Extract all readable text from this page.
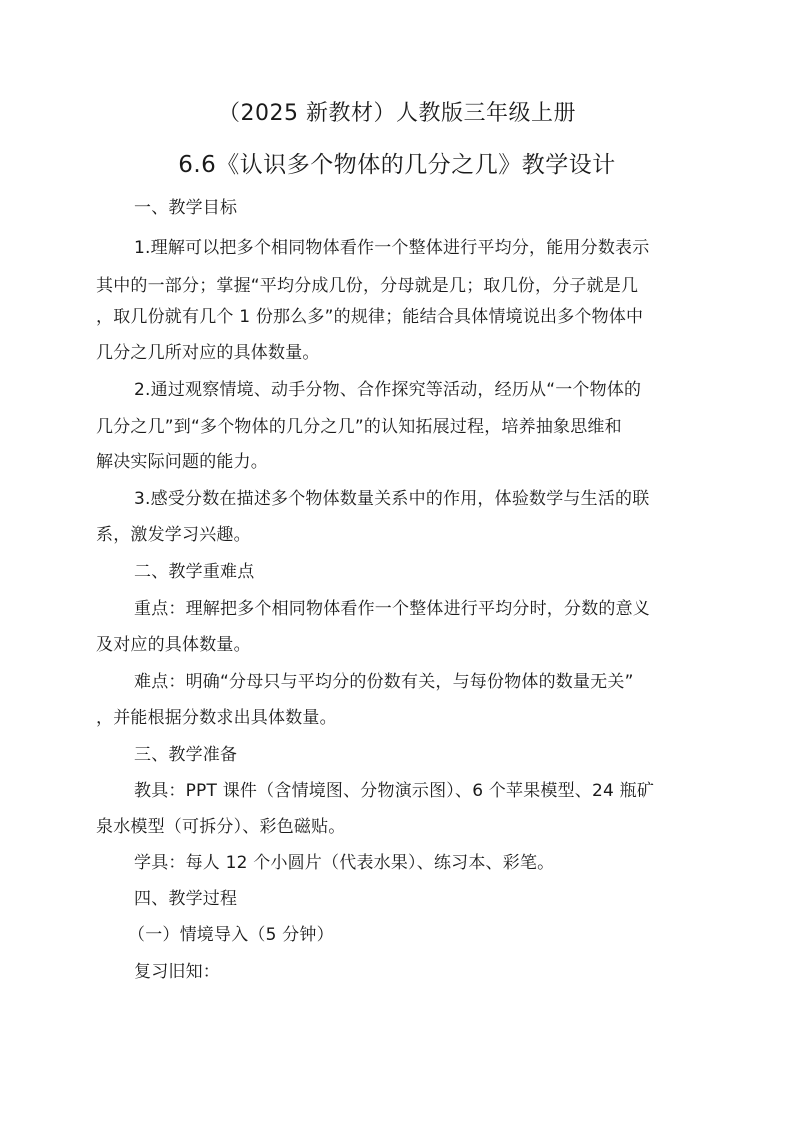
（2025 新教材）人教版三年级上册
6.6《认识多个物体的几分之几》教学设计
一、教学目标
1.理解可以把多个相同物体看作一个整体进行平均分，能用分数表示
其中的一部分；掌握“平均分成几份，分母就是几；取几份，分子就是几
，取几份就有几个 1 份那么多”的规律；能结合具体情境说出多个物体中
几分之几所对应的具体数量。
2.通过观察情境、动手分物、合作探究等活动，经历从“一个物体的
几分之几”到“多个物体的几分之几”的认知拓展过程，培养抽象思维和
解决实际问题的能力。
3.感受分数在描述多个物体数量关系中的作用，体验数学与生活的联
系，激发学习兴趣。
二、教学重难点
重点：理解把多个相同物体看作一个整体进行平均分时，分数的意义
及对应的具体数量。
难点：明确“分母只与平均分的份数有关，与每份物体的数量无关”
，并能根据分数求出具体数量。
三、教学准备
教具：PPT 课件（含情境图、分物演示图）、6 个苹果模型、24 瓶矿
泉水模型（可拆分）、彩色磁贴。
学具：每人 12 个小圆片（代表水果）、练习本、彩笔。
四、教学过程
（一）情境导入（5 分钟）
复习旧知：
